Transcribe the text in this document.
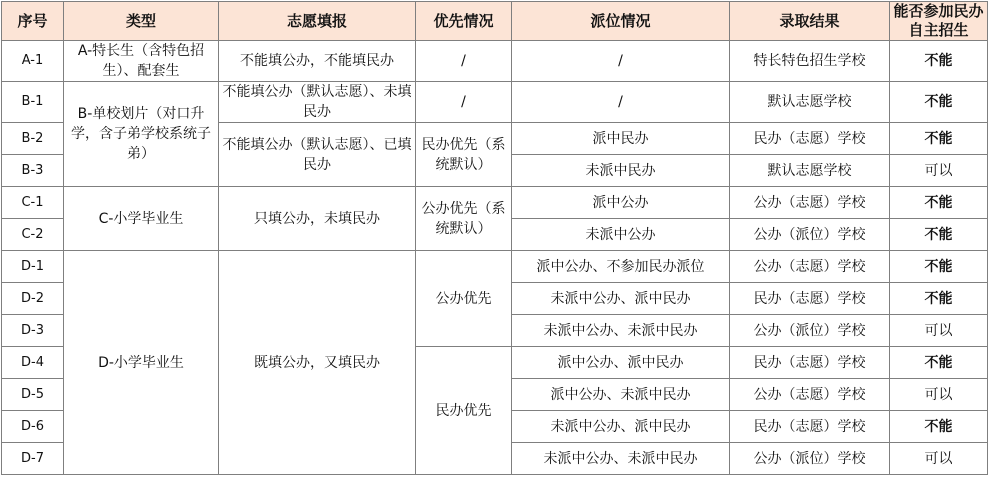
序号	类型	志愿填报	优先情况	派位情况	录取结果	能否参加民办自主招生
A-1	A-特长生（含特色招生）、配套生	不能填公办，不能填民办	/	/	特长特色招生学校	不能
B-1	B-单校划片（对口升学，含子弟学校系统子弟）	不能填公办（默认志愿）、未填民办	/	/	默认志愿学校	不能
B-2		不能填公办（默认志愿）、已填民办	民办优先（系统默认）	派中民办	民办（志愿）学校	不能
B-3				未派中民办	默认志愿学校	可以
C-1	C-小学毕业生	只填公办，未填民办	公办优先（系统默认）	派中公办	公办（志愿）学校	不能
C-2				未派中公办	公办（派位）学校	不能
D-1	D-小学毕业生	既填公办，又填民办	公办优先	派中公办、不参加民办派位	公办（志愿）学校	不能
D-2				未派中公办、派中民办	民办（志愿）学校	不能
D-3				未派中公办、未派中民办	公办（派位）学校	可以
D-4			民办优先	派中公办、派中民办	民办（志愿）学校	不能
D-5				派中公办、未派中民办	公办（志愿）学校	可以
D-6				未派中公办、派中民办	民办（志愿）学校	不能
D-7				未派中公办、未派中民办	公办（派位）学校	可以
